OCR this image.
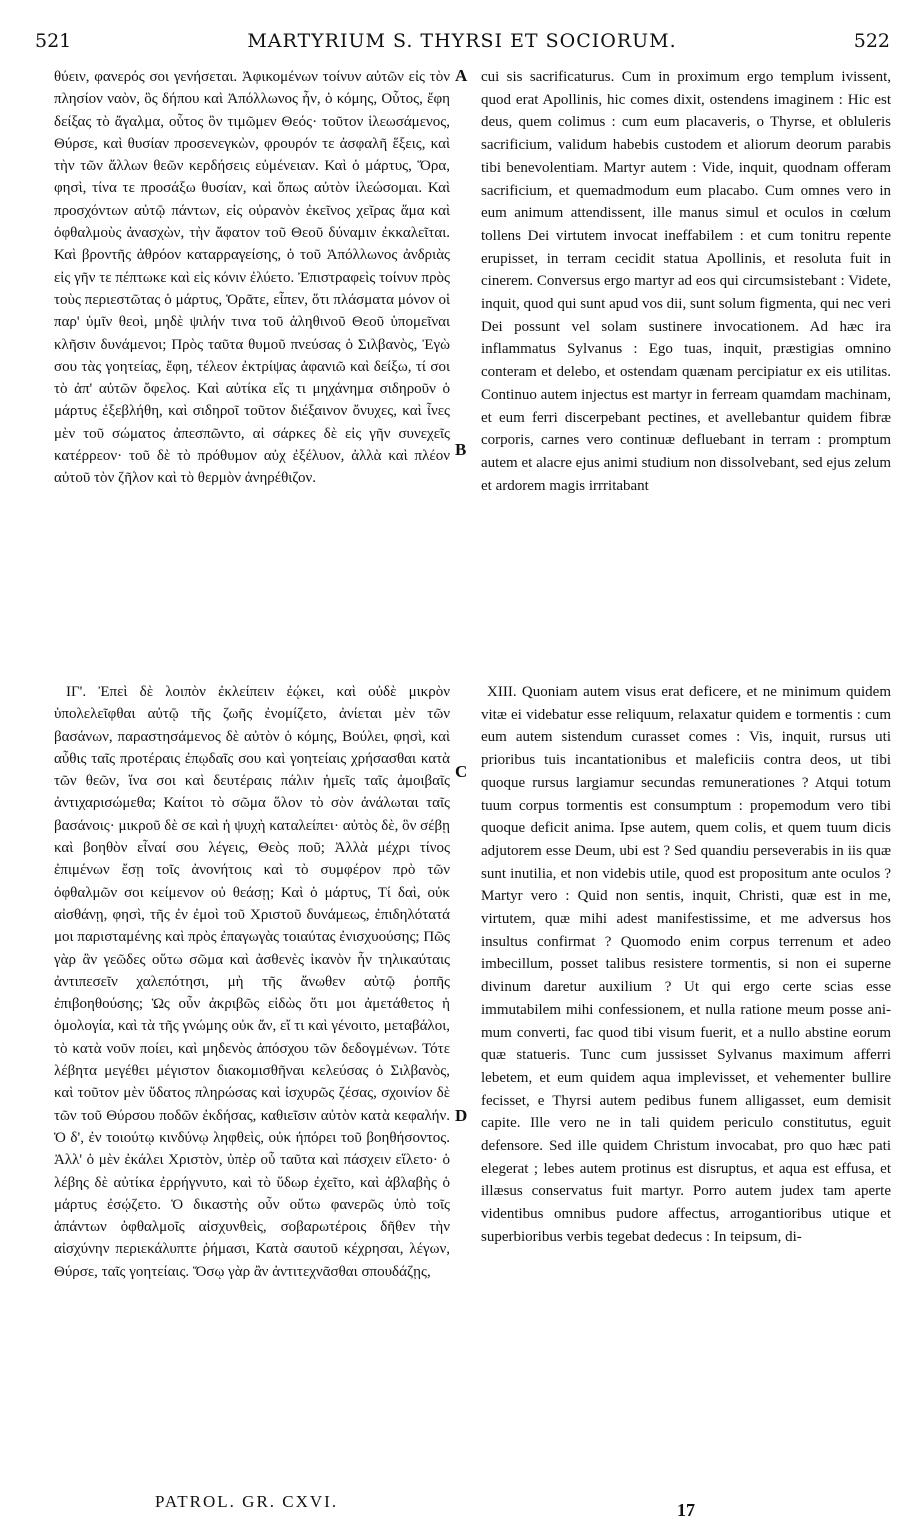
521	MARTYRIUM S. THYRSI ET SOCIORUM.	522

θύειν, φανερός σοι γενήσεται. Ἀφικομένων τοίνυν αὐτῶν εἰς τὸν πλησίον ναὸν, ὃς δήπου καὶ Ἀπόλλωνος ἦν, ὁ κόμης, Οὗτος, ἔφη δείξας τὸ ἄγαλμα, οὗτος ὃν τιμῶμεν Θεός· τοῦτον ἱλεωσάμενος, Θύρσε, καὶ θυσίαν προσενεγκὼν, φρουρόν τε ἀσφαλῆ ἕξεις, καὶ τὴν τῶν ἄλλων θεῶν κερδήσεις εὐμένειαν. Καὶ ὁ μάρτυς, Ὅρα, φησὶ, τίνα τε προσάξω θυσίαν, καὶ ὅπως αὐτὸν ἱλεώσομαι. Καὶ προσχόντων αὐτῷ πάντων, εἰς οὐρανὸν ἐκεῖνος χεῖρας ἅμα καὶ ὀφθαλμοὺς ἀνασχὼν, τὴν ἄφατον τοῦ Θεοῦ δύναμιν ἐκκαλεῖται. Καὶ βροντῆς ἀθρόον καταρραγείσης, ὁ τοῦ Ἀπόλλωνος ἀνδριὰς εἰς γῆν τε πέπτωκε καὶ εἰς κόνιν ἐλύετο. Ἐπιστραφεὶς τοίνυν πρὸς τοὺς περιεστῶτας ὁ μάρτυς, Ὁρᾶτε, εἶπεν, ὅτι πλάσματα μόνον οἱ παρ' ὑμῖν θεοὶ, μηδὲ ψιλήν τινα τοῦ ἀληθινοῦ Θεοῦ ὑπομεῖναι κλῆσιν δυνάμενοι; Πρὸς ταῦτα θυμοῦ πνεύσας ὁ Σιλβανὸς, Ἐγὼ σου τὰς γοητείας, ἔφη, τέλεον ἐκτρίψας ἀφανιῶ καὶ δείξω, τί σοι τὸ ἀπ' αὐτῶν ὄφελος. Καὶ αὐτίκα εἴς τι μηχάνημα σιδηροῦν ὁ μάρτυς ἐξεβλήθη, καὶ σιδηροῖ τοῦτον διέξαινον ὄνυχες, καὶ ἶνες μὲν τοῦ σώματος ἀπεσπῶντο, αἱ σάρκες δὲ εἰς γῆν συνεχεῖς κατέρρεον· τοῦ δὲ τὸ πρόθυμον αὐχ ἐξέλυον, ἀλλὰ καὶ πλέον αὐτοῦ τὸν ζῆλον καὶ τὸ θερμὸν ἀνηρέθιζον.

cui sis sacrificaturus. Cum in proximum ergo templum ivissent, quod erat Apollinis, hic comes dixit, ostendens imaginem : Hic est deus, quem colimus : cum eum placaveris, o Thyrse, et obluleris sacrificium, validum habebis custodem et aliorum deorum parabis tibi benevolentiam. Martyr autem : Vide, inquit, quodnam offeram sacrificium, et quemadmodum eum placabo. Cum omnes vero in eum animum attendissent, ille manus simul et oculos in cœlum tollens Dei virtutem invocat ineffabilem : et cum tonitru repente erupisset, in terram cecidit statua Apollinis, et resoluta fuit in cinerem. Conversus ergo martyr ad eos qui circumsistebant : Videte, inquit, quod qui sunt apud vos dii, sunt solum figmenta, qui nec veri Dei possunt vel solam sustinere invocationem. Ad hæc ira inflammatus Sylvanus : Ego tuas, inquit, præstigias omnino conteram et delebo, et ostendam quænam percipiatur ex eis utilitas. Continuo autem injectus est martyr in ferream quamdam machinam, et eum ferri discerpebant pectines, et avellebantur quidem fibræ corporis, carnes vero continuæ defluebant in terram : promptum autem et alacre ejus animi studium non dissolvebant, sed ejus zelum et ardorem magis irrritabant

ΙΓ'. Ἐπεὶ δὲ λοιπὸν ἐκλείπειν ἐῴκει, καὶ οὐδὲ μικρὸν ὑπολελεῖφθαι αὐτῷ τῆς ζωῆς ἐνομίζετο, ἀνίεται μὲν τῶν βασάνων, παραστησάμενος δὲ αὐτὸν ὁ κόμης, Βούλει, φησὶ, καὶ αὖθις ταῖς προτέραις ἐπῳδαῖς σου καὶ γοητείαις χρήσασθαι κατὰ τῶν θεῶν, ἵνα σοι καὶ δευτέραις πάλιν ἡμεῖς ταῖς ἀμοιβαῖς ἀντιχαρισώμεθα; Καίτοι τὸ σῶμα ὅλον τὸ σὸν ἀνάλωται ταῖς βασάνοις· μικροῦ δὲ σε καὶ ἡ ψυχὴ καταλείπει· αὐτὸς δὲ, ὃν σέβῃ καὶ βοηθὸν εἶναί σου λέγεις, Θεὸς ποῦ; Ἀλλὰ μέχρι τίνος ἐπιμένων ἔσῃ τοῖς ἀνονήτοις καὶ τὸ συμφέρον πρὸ τῶν ὀφθαλμῶν σοι κείμενον οὐ θεάσῃ; Καὶ ὁ μάρτυς, Τί δαὶ, οὐκ αἰσθάνῃ, φησὶ, τῆς ἐν ἐμοὶ τοῦ Χριστοῦ δυνάμεως, ἐπιδηλότατά μοι παρισταμένης καὶ πρὸς ἐπαγωγὰς τοιαύτας ἐνισχυούσης; Πῶς γὰρ ἂν γεῶδες οὕτω σῶμα καὶ ἀσθενὲς ἱκανὸν ἦν τηλικαύταις ἀντιπεσεῖν χαλεπότησι, μὴ τῆς ἄνωθεν αὐτῷ ῥοπῆς ἐπιβοηθούσης; Ὡς οὖν ἀκριβῶς εἰδὼς ὅτι μοι ἀμετάθετος ἡ ὁμολογία, καὶ τὰ τῆς γνώμης οὐκ ἄν, εἴ τι καὶ γένοιτο, μεταβάλοι, τὸ κατὰ νοῦν ποίει, καὶ μηδενὸς ἀπόσχου τῶν δεδογμένων. Τότε λέβητα μεγέθει μέγιστον διακομισθῆναι κελεύσας ὁ Σιλβανὸς, καὶ τοῦτον μὲν ὕδατος πληρώσας καὶ ἰσχυρῶς ζέσας, σχοινίον δὲ τῶν τοῦ Θύρσου ποδῶν ἐκδήσας, καθιεῖσιν αὐτὸν κατὰ κεφαλήν. Ὁ δ', ἐν τοιούτῳ κινδύνῳ ληφθεὶς, οὐκ ἠπόρει τοῦ βοηθήσοντος. Ἀλλ' ὁ μὲν ἐκάλει Χριστὸν, ὑπὲρ οὗ ταῦτα καὶ πάσχειν εἵλετο· ὁ λέβης δὲ αὐτίκα ἐρρήγνυτο, καὶ τὸ ὕδωρ ἐχεῖτο, καὶ ἀβλαβὴς ὁ μάρτυς ἐσῴζετο. Ὁ δικαστὴς οὖν οὕτω φανερῶς ὑπὸ τοῖς ἁπάντων ὀφθαλμοῖς αἰσχυνθεὶς, σοβαρωτέροις δῆθεν τὴν αἰσχύνην περιεκάλυπτε ῥήμασι, Κατὰ σαυτοῦ κέχρησαι, λέγων, Θύρσε, ταῖς γοητείαις. Ὅσῳ γὰρ ἂν ἀντιτεχνᾶσθαι σπουδάζῃς,

XIII. Quoniam autem visus erat deficere, et ne minimum quidem vitæ ei videbatur esse reliquum, relaxatur quidem e tormentis : cum eum autem sistendum curasset comes : Vis, inquit, rursus uti prioribus tuis incantationibus et maleficiis contra deos, ut tibi quoque rursus largiamur secundas remunerationes ? Atqui totum tuum corpus tormentis est consumptum : propemodum vero tibi quoque deficit anima. Ipse autem, quem colis, et quem tuum dicis adjutorem esse Deum, ubi est ? Sed quandiu perseverabis in iis quæ sunt inutilia, et non videbis utile, quod est propositum ante oculos ? Martyr vero : Quid non sentis, inquit, Christi, quæ est in me, virtutem, quæ mihi adest manifestissime, et me adversus hos insultus confirmat ? Quomodo enim corpus terrenum et adeo imbecillum, posset talibus resistere tormentis, si non ei superne divinum daretur auxilium ? Ut qui ergo certe scias esse immutabilem mihi confessionem, et nulla ratione meum posse animum converti, fac quod tibi visum fuerit, et a nullo abstine eorum quæ statueris. Tunc cum jussisset Sylvanus maximum afferri lebetem, et eum quidem aqua implevisset, et vehementer bullire fecisset, e Thyrsi autem pedibus funem alligasset, eum demisit capite. Ille vero ne in tali quidem periculo constitutus, eguit defensore. Sed ille quidem Christum invocabat, pro quo hæc pati elegerat ; lebes autem protinus est disruptus, et aqua est effusa, et illæsus conservatus fuit martyr. Porro autem judex tam aperte videntibus omnibus pudore affectus, arrogantioribus utique et superbioribus verbis tegebat dedecus : In teipsum, di-

A
B
C
D
PATROL. GR. CXVI.	17
